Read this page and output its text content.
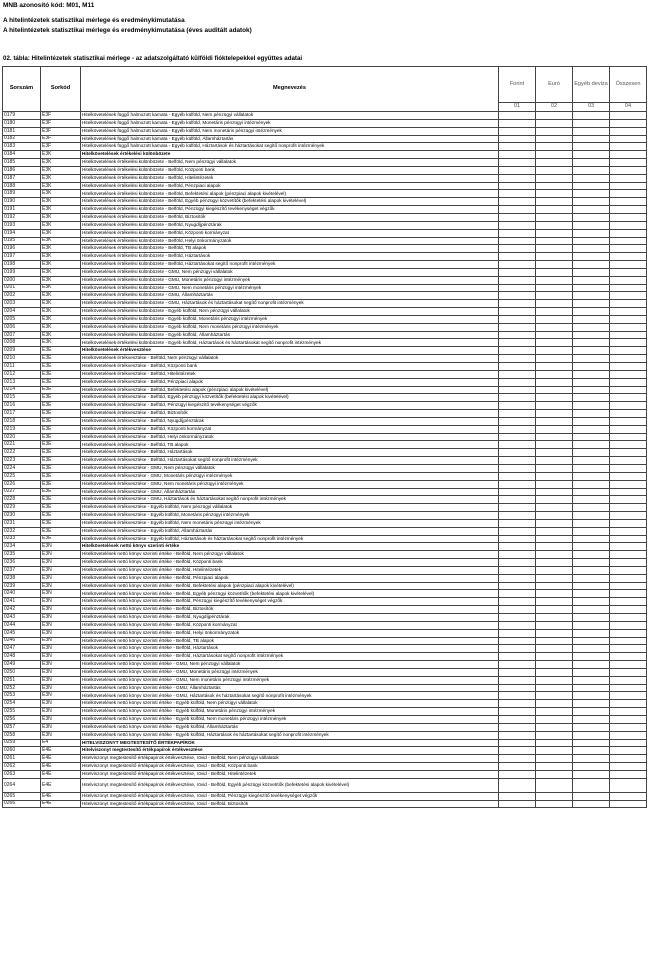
MNB azonosító kód: M01, M11
A hitelintézetek statisztikai mérlege és eredménykimutatása
A hitelintézetek statisztikai mérlege és eredménykimutatása (éves auditált adatok)
02. tábla: Hitelintézetek statisztikai mérlege - az adatszolgáltató külföldi fióktelepekkel együttes adatai
Sorszám	Sorkód	Megnevezés	Forint	Euró	Egyéb deviza	Összesen
			01	02	03	04
0179	E3F	Hitelkövetelések függő halmozott kamata - Egyéb külföld, Nem pénzügyi vállalatok				
0180	E3F	Hitelkövetelések függő halmozott kamata - Egyéb külföld, Monetáris pénzügyi intézmények				
0181	E3F	Hitelkövetelések függő halmozott kamata - Egyéb külföld, Nem monetáris pénzügyi intézmények				
0182	E3F	Hitelkövetelések függő halmozott kamata - Egyéb külföld, Államháztartás				
0183	E3F	Hitelkövetelések függő halmozott kamata - Egyéb külföld, Háztartások és háztartásokat segítő nonprofit intézmények				
0184	E3K	Hitelkövetelések értékelési különbözete				
0185	E3K	Hitelkövetelések értékelési különbözete - Belföld, Nem pénzügyi vállalatok				
0186	E3K	Hitelkövetelések értékelési különbözete - Belföld, Központi bank				
0187	E3K	Hitelkövetelések értékelési különbözete - Belföld, Hitelintézetek				
0188	E3K	Hitelkövetelések értékelési különbözete - Belföld, Pénzpiaci alapok				
0189	E3K	Hitelkövetelések értékelési különbözete - Belföld, Befektetési alapok (pénzpiaci alapok kivételével)				
0190	E3K	Hitelkövetelések értékelési különbözete - Belföld, Egyéb pénzügyi közvetítők (befektetési alapok kivételével)				
0191	E3K	Hitelkövetelések értékelési különbözete - Belföld, Pénzügyi kiegészítő tevékenységet végzők				
0192	E3K	Hitelkövetelések értékelési különbözete - Belföld, Biztosítók				
0193	E3K	Hitelkövetelések értékelési különbözete - Belföld, Nyugdíjpénztárak				
0194	E3K	Hitelkövetelések értékelési különbözete - Belföld, Központi kormányzat				
0195	E3K	Hitelkövetelések értékelési különbözete - Belföld, Helyi önkormányzatok				
0196	E3K	Hitelkövetelések értékelési különbözete - Belföld, TB alapok				
0197	E3K	Hitelkövetelések értékelési különbözete - Belföld, Háztartások				
0198	E3K	Hitelkövetelések értékelési különbözete - Belföld, Háztartásokat segítő nonprofit intézmények				
0199	E3K	Hitelkövetelések értékelési különbözete - GMU, Nem pénzügyi vállalatok				
0200	E3K	Hitelkövetelések értékelési különbözete - GMU, Monetáris pénzügyi intézmények				
0201	E3K	Hitelkövetelések értékelési különbözete - GMU, Nem monetáris pénzügyi intézmények				
0202	E3K	Hitelkövetelések értékelési különbözete - GMU, Államháztartás				
0203	E3K	Hitelkövetelések értékelési különbözete - GMU, Háztartások és háztartásokat segítő nonprofit intézmények				
0204	E3K	Hitelkövetelések értékelési különbözete - Egyéb külföld, Nem pénzügyi vállalatok				
0205	E3K	Hitelkövetelések értékelési különbözete - Egyéb külföld, Monetáris pénzügyi intézmények				
0206	E3K	Hitelkövetelések értékelési különbözete - Egyéb külföld, Nem monetáris pénzügyi intézmények				
0207	E3K	Hitelkövetelések értékelési különbözete - Egyéb külföld, Államháztartás				
0208	E3K	Hitelkövetelések értékelési különbözete - Egyéb külföld, Háztartások és háztartásokat segítő nonprofit intézmények				
0209	E3E	Hitelkövetelések értékvesztése				
0210	E3E	Hitelkövetelések értékvesztése - Belföld, Nem pénzügyi vállalatok				
0211	E3E	Hitelkövetelések értékvesztése - Belföld, Központi bank				
0212	E3E	Hitelkövetelések értékvesztése - Belföld, Hitelintézetek				
0213	E3E	Hitelkövetelések értékvesztése - Belföld, Pénzpiaci alapok				
0214	E3E	Hitelkövetelések értékvesztése - Belföld, Befektetési alapok (pénzpiaci alapok kivételével)				
0215	E3E	Hitelkövetelések értékvesztése - Belföld, Egyéb pénzügyi közvetítők (befektetési alapok kivételével)				
0216	E3E	Hitelkövetelések értékvesztése - Belföld, Pénzügyi kiegészítő tevékenységet végzők				
0217	E3E	Hitelkövetelések értékvesztése - Belföld, Biztosítók				
0218	E3E	Hitelkövetelések értékvesztése - Belföld, Nyugdíjpénztárak				
0219	E3E	Hitelkövetelések értékvesztése - Belföld, Központi kormányzat				
0220	E3E	Hitelkövetelések értékvesztése - Belföld, Helyi önkormányzatok				
0221	E3E	Hitelkövetelések értékvesztése - Belföld, TB alapok				
0222	E3E	Hitelkövetelések értékvesztése - Belföld, Háztartások				
0223	E3E	Hitelkövetelések értékvesztése - Belföld, Háztartásokat segítő nonprofit intézmények				
0224	E3E	Hitelkövetelések értékvesztése - GMU, Nem pénzügyi vállalatok				
0225	E3E	Hitelkövetelések értékvesztése - GMU, Monetáris pénzügyi intézmények				
0226	E3E	Hitelkövetelések értékvesztése - GMU, Nem monetáris pénzügyi intézmények				
0227	E3E	Hitelkövetelések értékvesztése - GMU, Államháztartás				
0228	E3E	Hitelkövetelések értékvesztése - GMU, Háztartások és háztartásokat segítő nonprofit intézmények				
0229	E3E	Hitelkövetelések értékvesztése - Egyéb külföld, Nem pénzügyi vállalatok				
0230	E3E	Hitelkövetelések értékvesztése - Egyéb külföld, Monetáris pénzügyi intézmények				
0231	E3E	Hitelkövetelések értékvesztése - Egyéb külföld, Nem monetáris pénzügyi intézmények				
0232	E3E	Hitelkövetelések értékvesztése - Egyéb külföld, Államháztartás				
0233	E3E	Hitelkövetelések értékvesztése - Egyéb külföld, Háztartások és háztartásokat segítő nonprofit intézmények				
0234	E3N	Hitelkövetelések nettó könyv szerinti értéke				
0235	E3N	Hitelkövetelések nettó könyv szerinti értéke - Belföld, Nem pénzügyi vállalatok				
0236	E3N	Hitelkövetelések nettó könyv szerinti értéke - Belföld, Központi bank				
0237	E3N	Hitelkövetelések nettó könyv szerinti értéke - Belföld, Hitelintézetek				
0238	E3N	Hitelkövetelések nettó könyv szerinti értéke - Belföld, Pénzpiaci alapok				
0239	E3N	Hitelkövetelések nettó könyv szerinti értéke - Belföld, Befektetési alapok (pénzpiaci alapok kivételével)				
0240	E3N	Hitelkövetelések nettó könyv szerinti értéke - Belföld, Egyéb pénzügyi közvetítők (befektetési alapok kivételével)				
0241	E3N	Hitelkövetelések nettó könyv szerinti értéke - Belföld, Pénzügyi kiegészítő tevékenységet végzők				
0242	E3N	Hitelkövetelések nettó könyv szerinti értéke - Belföld, Biztosítók				
0243	E3N	Hitelkövetelések nettó könyv szerinti értéke - Belföld, Nyugdíjpénztárak				
0244	E3N	Hitelkövetelések nettó könyv szerinti értéke - Belföld, Központi kormányzat				
0245	E3N	Hitelkövetelések nettó könyv szerinti értéke - Belföld, Helyi önkormányzatok				
0246	E3N	Hitelkövetelések nettó könyv szerinti értéke - Belföld, TB alapok				
0247	E3N	Hitelkövetelések nettó könyv szerinti értéke - Belföld, Háztartások				
0248	E3N	Hitelkövetelések nettó könyv szerinti értéke - Belföld, Háztartásokat segítő nonprofit intézmények				
0249	E3N	Hitelkövetelések nettó könyv szerinti értéke - GMU, Nem pénzügyi vállalatok				
0250	E3N	Hitelkövetelések nettó könyv szerinti értéke - GMU, Monetáris pénzügyi intézmények				
0251	E3N	Hitelkövetelések nettó könyv szerinti értéke - GMU, Nem monetáris pénzügyi intézmények				
0252	E3N	Hitelkövetelések nettó könyv szerinti értéke - GMU, Államháztartás				
0253	E3N	Hitelkövetelések nettó könyv szerinti értéke - GMU, Háztartások és háztartásokat segítő nonprofit intézmények				
0254	E3N	Hitelkövetelések nettó könyv szerinti értéke - Egyéb külföld, Nem pénzügyi vállalatok				
0255	E3N	Hitelkövetelések nettó könyv szerinti értéke - Egyéb külföld, Monetáris pénzügyi intézmények				
0256	E3N	Hitelkövetelések nettó könyv szerinti értéke - Egyéb külföld, Nem monetáris pénzügyi intézmények				
0257	E3N	Hitelkövetelések nettó könyv szerinti értéke - Egyéb külföld, Államháztartás				
0258	E3N	Hitelkövetelések nettó könyv szerinti értéke - Egyéb külföld, Háztartások és háztartásokat segítő nonprofit intézmények				
0259	E4	HITELVISZONYT MEGTESTESÍTŐ ÉRTÉKPAPÍROK				
0260	E4E	Hitelviszonyt megtestesítő értékpapírok értékvesztése				
0261	E4E	Hitelviszonyt megtestesítő értékpapírok értékvesztése, rövid - Belföld, Nem pénzügyi vállalatok				
0262	E4E	Hitelviszonyt megtestesítő értékpapírok értékvesztése, rövid - Belföld, Központi bank				
0263	E4E	Hitelviszonyt megtestesítő értékpapírok értékvesztése, rövid - Belföld, Hitelintézetek				
0264	E4E	Hitelviszonyt megtestesítő értékpapírok értékvesztése, rövid - Belföld, Egyéb pénzügyi közvetítők (befektetési alapok kivételével)				
0265	E4E	Hitelviszonyt megtestesítő értékpapírok értékvesztése, rövid - Belföld, Pénzügyi kiegészítő tevékenységet végzők				
0266	E4E	Hitelviszonyt megtestesítő értékpapírok értékvesztése, rövid - Belföld, Biztosítók				
